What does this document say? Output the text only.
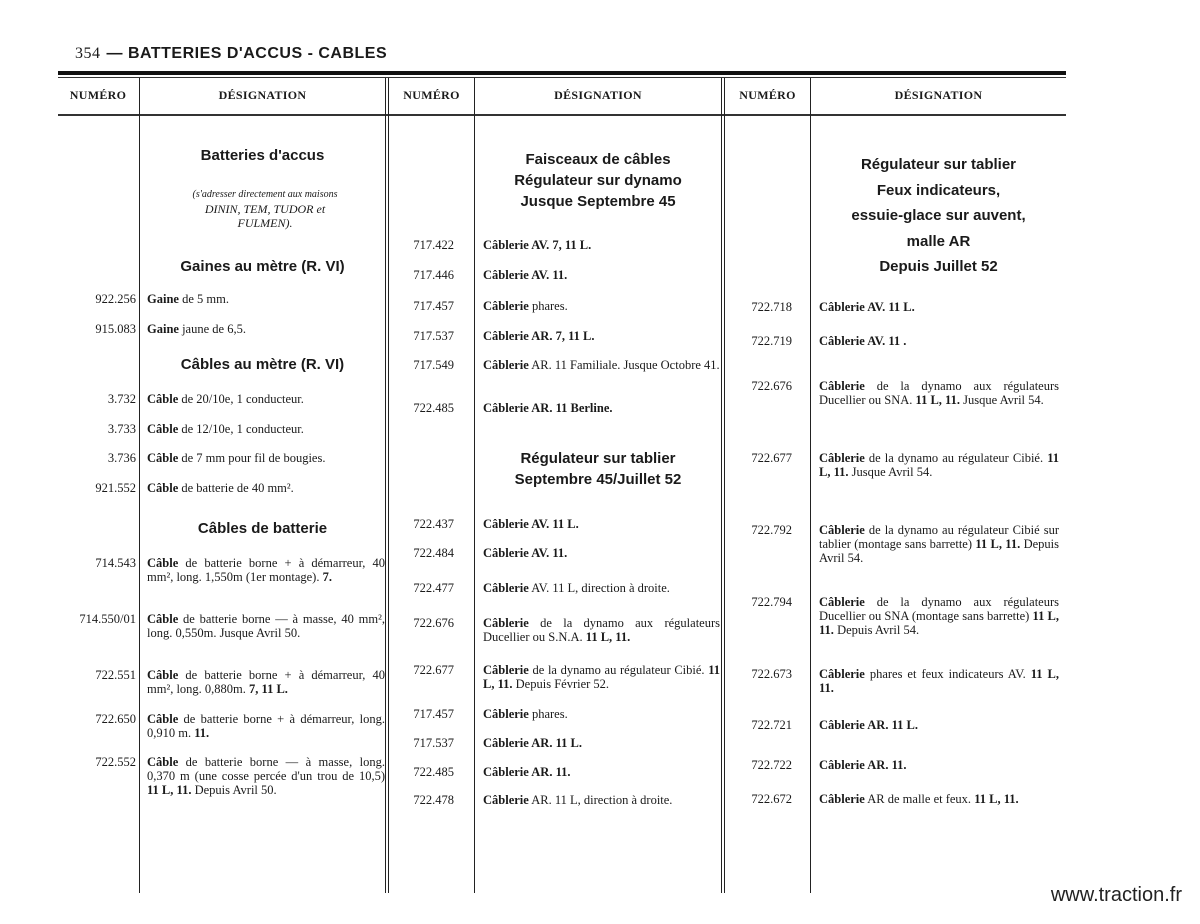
354 — BATTERIES D'ACCUS - CABLES
NUMÉRO	DÉSIGNATION	NUMÉRO	DÉSIGNATION	NUMÉRO	DÉSIGNATION
Batteries d'accus
(s'adresser directement aux maisons
DININ, TEM, TUDOR et
FULMEN).
Gaines au mètre (R. VI)
Câbles au mètre (R. VI)
Câbles de batterie
922.256 Gaine de 5 mm.
915.083 Gaine jaune de 6,5.
3.732 Câble de 20/10e, 1 conducteur.
3.733 Câble de 12/10e, 1 conducteur.
3.736 Câble de 7 mm pour fil de bougies.
921.552 Câble de batterie de 40 mm².
714.543 Câble de batterie borne + à démarreur, 40 mm², long. 1,550m (1er montage). 7.
714.550/01 Câble de batterie borne — à masse, 40 mm², long. 0,550m. Jusque Avril 50.
722.551 Câble de batterie borne + à démarreur, 40 mm², long. 0,880m. 7, 11 L.
722.650 Câble de batterie borne + à démarreur, long. 0,910 m. 11.
722.552 Câble de batterie borne — à masse, long. 0,370 m (une cosse percée d'un trou de 10,5) 11 L, 11. Depuis Avril 50.
Faisceaux de câbles
Régulateur sur dynamo
Jusque Septembre 45
Régulateur sur tablier
Septembre 45/Juillet 52
717.422 Câblerie AV. 7, 11 L.
717.446 Câblerie AV. 11.
717.457 Câblerie phares.
717.537 Câblerie AR. 7, 11 L.
717.549 Câblerie AR. 11 Familiale. Jusque Octobre 41.
722.485 Câblerie AR. 11 Berline.
722.437 Câblerie AV. 11 L.
722.484 Câblerie AV. 11.
722.477 Câblerie AV. 11 L, direction à droite.
722.676 Câblerie de la dynamo aux régulateurs Ducellier ou S.N.A. 11 L, 11.
722.677 Câblerie de la dynamo au régulateur Cibié. 11 L, 11. Depuis Février 52.
717.457 Câblerie phares.
717.537 Câblerie AR. 11 L.
722.485 Câblerie AR. 11.
722.478 Câblerie AR. 11 L, direction à droite.
Régulateur sur tablier
Feux indicateurs,
essuie-glace sur auvent,
malle AR
Depuis Juillet 52
722.718 Câblerie AV. 11 L.
722.719 Câblerie AV. 11 .
722.676 Câblerie de la dynamo aux régulateurs Ducellier ou SNA. 11 L, 11. Jusque Avril 54.
722.677 Câblerie de la dynamo au régulateur Cibié. 11 L, 11. Jusque Avril 54.
722.792 Câblerie de la dynamo au régulateur Cibié sur tablier (montage sans barrette) 11 L, 11. Depuis Avril 54.
722.794 Câblerie de la dynamo aux régulateurs Ducellier ou SNA (montage sans barrette) 11 L, 11. Depuis Avril 54.
722.673 Câblerie phares et feux indicateurs AV. 11 L, 11.
722.721 Câblerie AR. 11 L.
722.722 Câblerie AR. 11.
722.672 Câblerie AR de malle et feux. 11 L, 11.
www.traction.fr
